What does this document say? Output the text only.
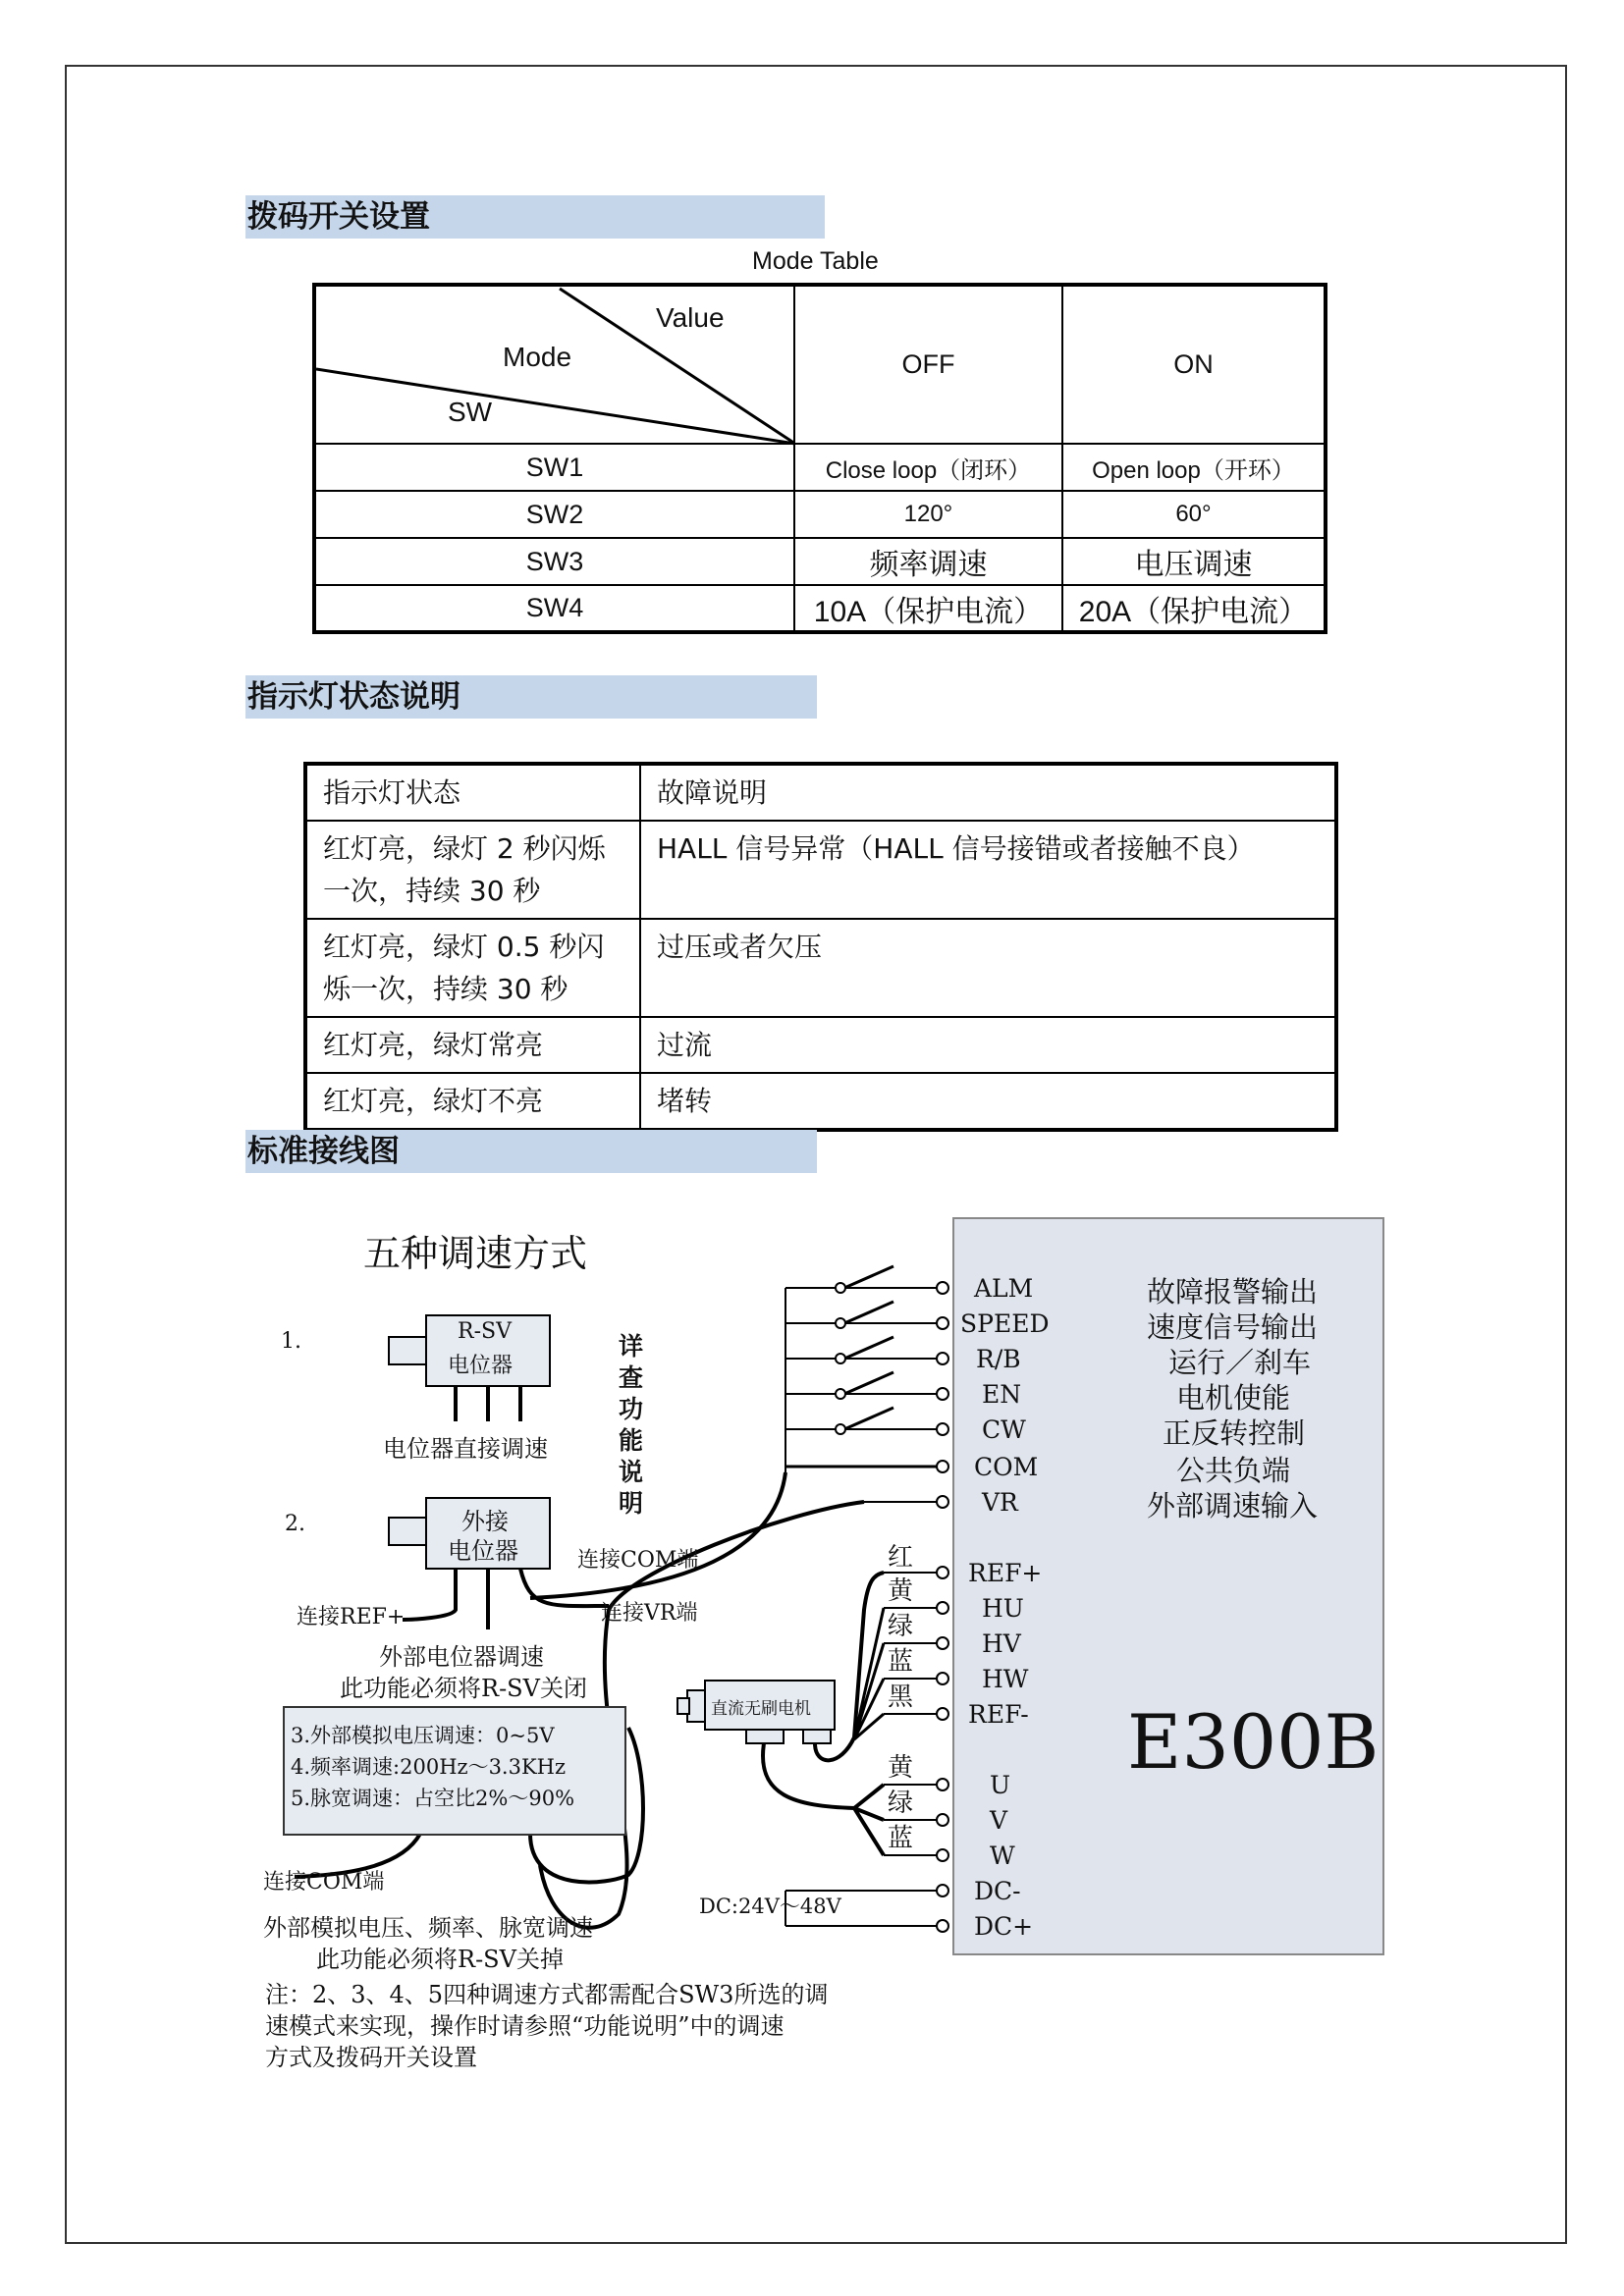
拨码开关设置
Mode Table
Value
Mode
SW	OFF	ON
SW1	Close loop（闭环）	Open loop（开环）
SW2	120°	60°
SW3	频率调速	电压调速
SW4	10A（保护电流）	20A（保护电流）
指示灯状态说明
指示灯状态	故障说明
红灯亮，绿灯 2 秒闪烁一次，持续 30 秒	HALL 信号异常（HALL 信号接错或者接触不良）
红灯亮，绿灯 0.5 秒闪烁一次，持续 30 秒	过压或者欠压
红灯亮，绿灯常亮	过流
红灯亮，绿灯不亮	堵转
标准接线图
E300B
五种调速方式
1.
2.
R-SV
电位器
电位器直接调速
外接
电位器
详
查
功
能
说
明
连接COM端
连接VR端
连接REF+
外部电位器调速
此功能必须将R-SV关闭
3.外部模拟电压调速：0~5V
4.频率调速:200Hz～3.3KHz
5.脉宽调速：占空比2%～90%
连接COM端
外部模拟电压、频率、脉宽调速
此功能必须将R-SV关掉
注：2、3、4、5四种调速方式都需配合SW3所选的调
速模式来实现，操作时请参照“功能说明”中的调速
方式及拨码开关设置
直流无刷电机
红
黄
绿
蓝
黑
黄
绿
蓝
DC:24V～48V
ALM
SPEED
R/B
EN
CW
COM
VR
REF+
HU
HV
HW
REF-
U
V
W
DC-
DC+
故障报警输出
速度信号输出
运行／刹车
电机使能
正反转控制
公共负端
外部调速输入
